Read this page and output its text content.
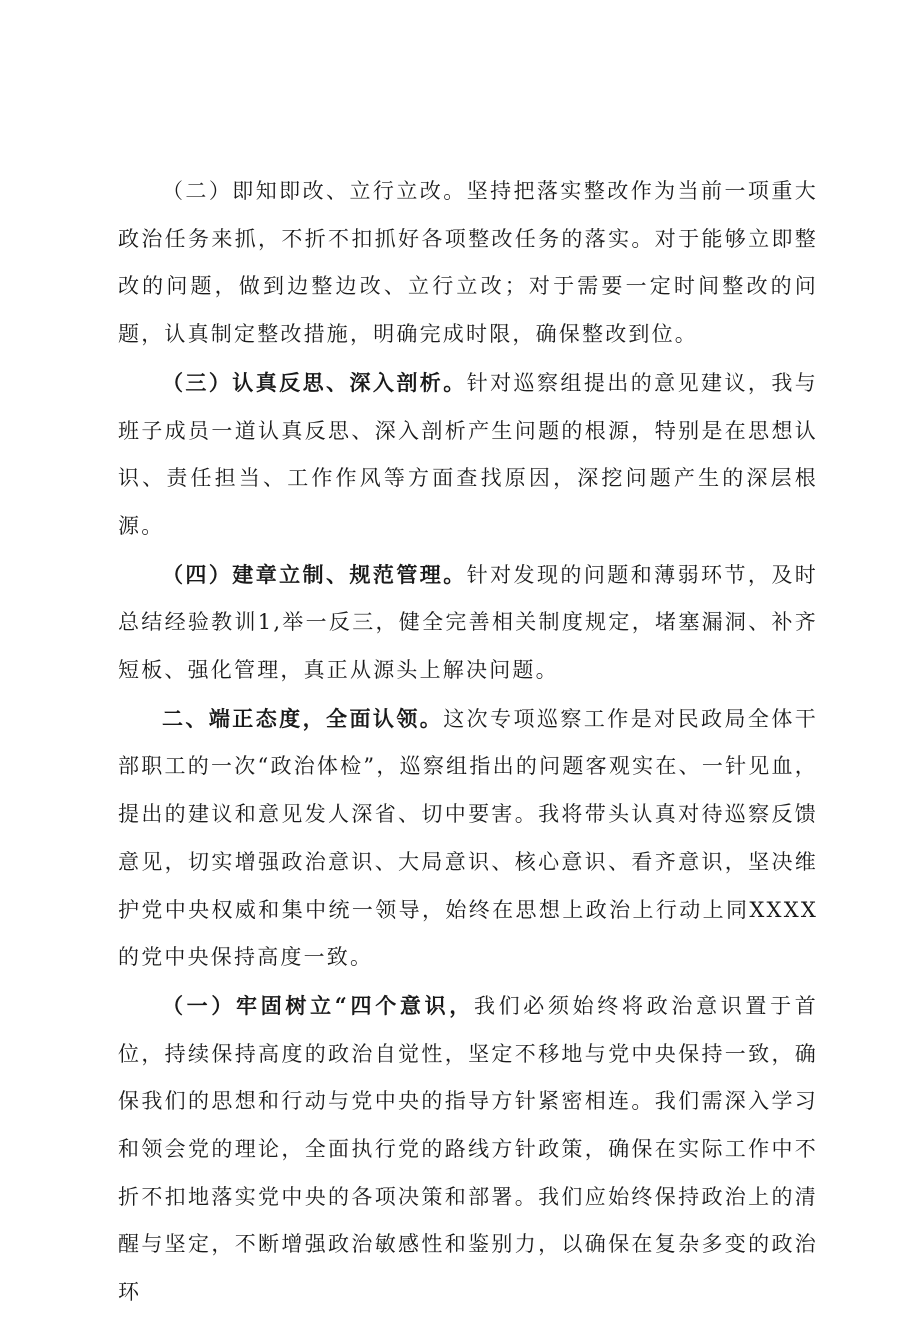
（二）即知即改、立行立改。坚持把落实整改作为当前一项重大政治任务来抓，不折不扣抓好各项整改任务的落实。对于能够立即整改的问题，做到边整边改、立行立改；对于需要一定时间整改的问题，认真制定整改措施，明确完成时限，确保整改到位。

（三）认真反思、深入剖析。针对巡察组提出的意见建议，我与班子成员一道认真反思、深入剖析产生问题的根源，特别是在思想认识、责任担当、工作作风等方面查找原因，深挖问题产生的深层根源。

（四）建章立制、规范管理。针对发现的问题和薄弱环节，及时总结经验教训1,举一反三，健全完善相关制度规定，堵塞漏洞、补齐短板、强化管理，真正从源头上解决问题。

二、端正态度，全面认领。这次专项巡察工作是对民政局全体干部职工的一次“政治体检”，巡察组指出的问题客观实在、一针见血，提出的建议和意见发人深省、切中要害。我将带头认真对待巡察反馈意见，切实增强政治意识、大局意识、核心意识、看齐意识，坚决维护党中央权威和集中统一领导，始终在思想上政治上行动上同XXXX的党中央保持高度一致。

（一）牢固树立“四个意识，我们必须始终将政治意识置于首位，持续保持高度的政治自觉性，坚定不移地与党中央保持一致，确保我们的思想和行动与党中央的指导方针紧密相连。我们需深入学习和领会党的理论，全面执行党的路线方针政策，确保在实际工作中不折不扣地落实党中央的各项决策和部署。我们应始终保持政治上的清醒与坚定，不断增强政治敏感性和鉴别力，以确保在复杂多变的政治环
